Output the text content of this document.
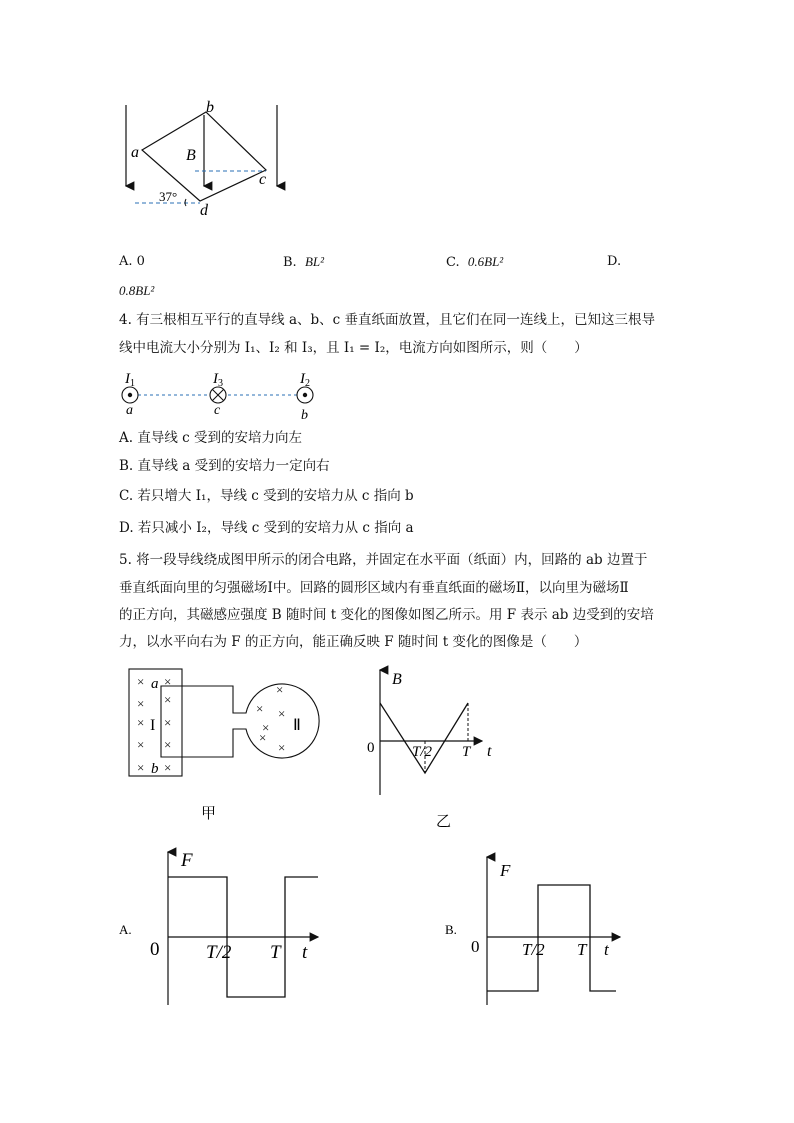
b
a	B
c
d
37°
A. 0	B. BL²	C. 0.6BL²	D.
0.8BL²
4. 有三根相互平行的直导线 a、b、c 垂直纸面放置，且它们在同一连线上，已知这三根导
线中电流大小分别为 I₁、I₂ 和 I₃，且 I₁ = I₂，电流方向如图所示，则（　　）
$I_1$	$I_3$	$I_2$
a	c	b
A. 直导线 c 受到的安培力向左
B. 直导线 a 受到的安培力一定向右
C. 若只增大 I₁，导线 c 受到的安培力从 c 指向 b
D. 若只减小 I₂，导线 c 受到的安培力从 c 指向 a
5. 将一段导线绕成图甲所示的闭合电路，并固定在水平面（纸面）内，回路的 ab 边置于
垂直纸面向里的匀强磁场Ⅰ中。回路的圆形区域内有垂直纸面的磁场Ⅱ，以向里为磁场Ⅱ
的正方向，其磁感应强度 B 随时间 t 变化的图像如图乙所示。用 F 表示 ab 边受到的安培
力，以水平向右为 F 的正方向，能正确反映 F 随时间 t 变化的图像是（　　）
× ×
×
×
× ×
× ×
× ×
×
× ×
×
×
×
a
b
I	Ⅱ
甲
B
0	T/2 T t
乙
A.
F
0 T/2 T t
B.
F
0	T/2 T t
